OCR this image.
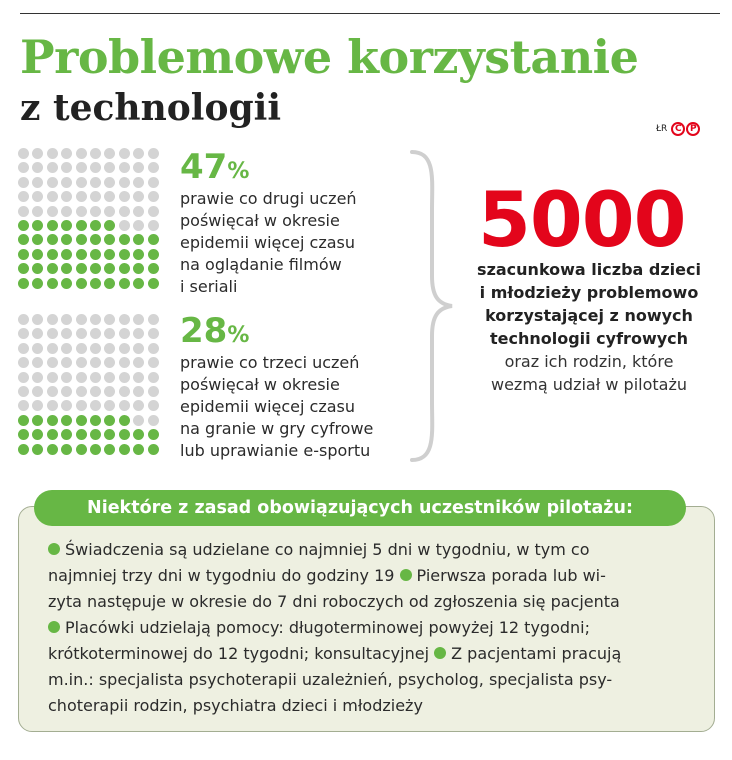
Problemowe korzystanie
z technologii	ŁR C P
47%
prawie co drugi uczeń
poświęcał w okresie
epidemii więcej czasu
na oglądanie filmów
i seriali
28%
prawie co trzeci uczeń
poświęcał w okresie
epidemii więcej czasu
na granie w gry cyfrowe
lub uprawianie e-sportu
5000
szacunkowa liczba dzieci
i młodzieży problemowo
korzystającej z nowych
technologii cyfrowych
oraz ich rodzin, które
wezmą udział w pilotażu
Niektóre z zasad obowiązujących uczestników pilotażu:
Świadczenia są udzielane co najmniej 5 dni w tygodniu, w tym co
najmniej trzy dni w tygodniu do godziny 19 Pierwsza porada lub wi-
zyta następuje w okresie do 7 dni roboczych od zgłoszenia się pacjenta
Placówki udzielają pomocy: długoterminowej powyżej 12 tygodni;
krótkoterminowej do 12 tygodni; konsultacyjnej Z pacjentami pracują
m.in.: specjalista psychoterapii uzależnień, psycholog, specjalista psy-
choterapii rodzin, psychiatra dzieci i młodzieży
